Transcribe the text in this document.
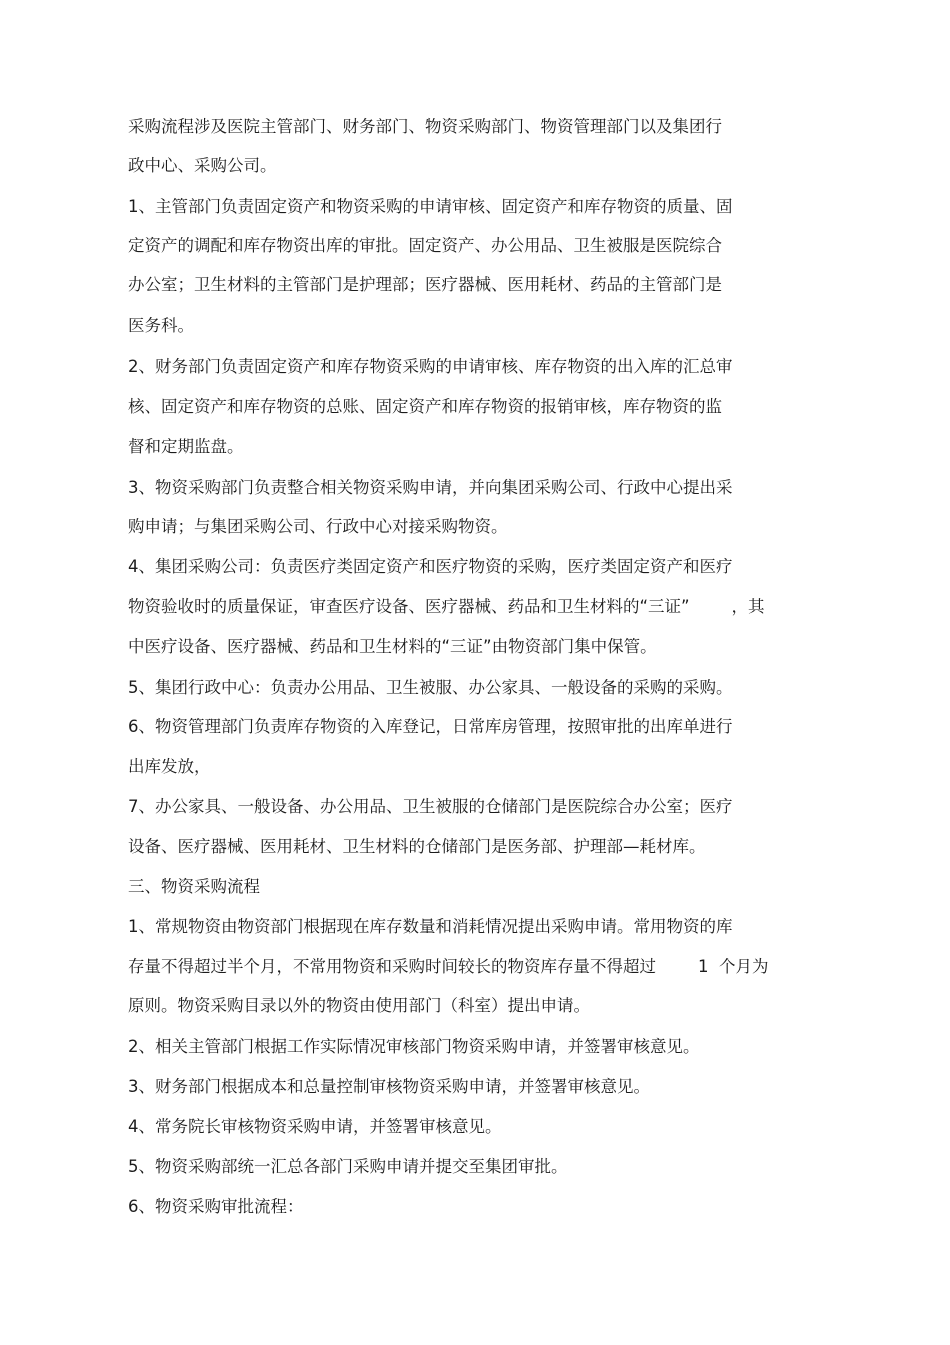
采购流程涉及医院主管部门、财务部门、物资采购部门、物资管理部门以及集团行

政中心、采购公司。

1、主管部门负责固定资产和物资采购的申请审核、固定资产和库存物资的质量、固

定资产的调配和库存物资出库的审批。固定资产、办公用品、卫生被服是医院综合

办公室；卫生材料的主管部门是护理部；医疗器械、医用耗材、药品的主管部门是

医务科。

2、财务部门负责固定资产和库存物资采购的申请审核、库存物资的出入库的汇总审

核、固定资产和库存物资的总账、固定资产和库存物资的报销审核，库存物资的监

督和定期监盘。

3、物资采购部门负责整合相关物资采购申请，并向集团采购公司、行政中心提出采

购申请；与集团采购公司、行政中心对接采购物资。

4、集团采购公司：负责医疗类固定资产和医疗物资的采购，医疗类固定资产和医疗

物资验收时的质量保证，审查医疗设备、医疗器械、药品和卫生材料的“三证”        ，其

中医疗设备、医疗器械、药品和卫生材料的“三证”由物资部门集中保管。

5、集团行政中心：负责办公用品、卫生被服、办公家具、一般设备的采购的采购。

6、物资管理部门负责库存物资的入库登记，日常库房管理，按照审批的出库单进行

出库发放，

7、办公家具、一般设备、办公用品、卫生被服的仓储部门是医院综合办公室；医疗

设备、医疗器械、医用耗材、卫生材料的仓储部门是医务部、护理部—耗材库。

三、物资采购流程

1、常规物资由物资部门根据现在库存数量和消耗情况提出采购申请。常用物资的库

存量不得超过半个月，不常用物资和采购时间较长的物资库存量不得超过        1  个月为

原则。物资采购目录以外的物资由使用部门（科室）提出申请。

2、相关主管部门根据工作实际情况审核部门物资采购申请，并签署审核意见。

3、财务部门根据成本和总量控制审核物资采购申请，并签署审核意见。

4、常务院长审核物资采购申请，并签署审核意见。

5、物资采购部统一汇总各部门采购申请并提交至集团审批。

6、物资采购审批流程：
